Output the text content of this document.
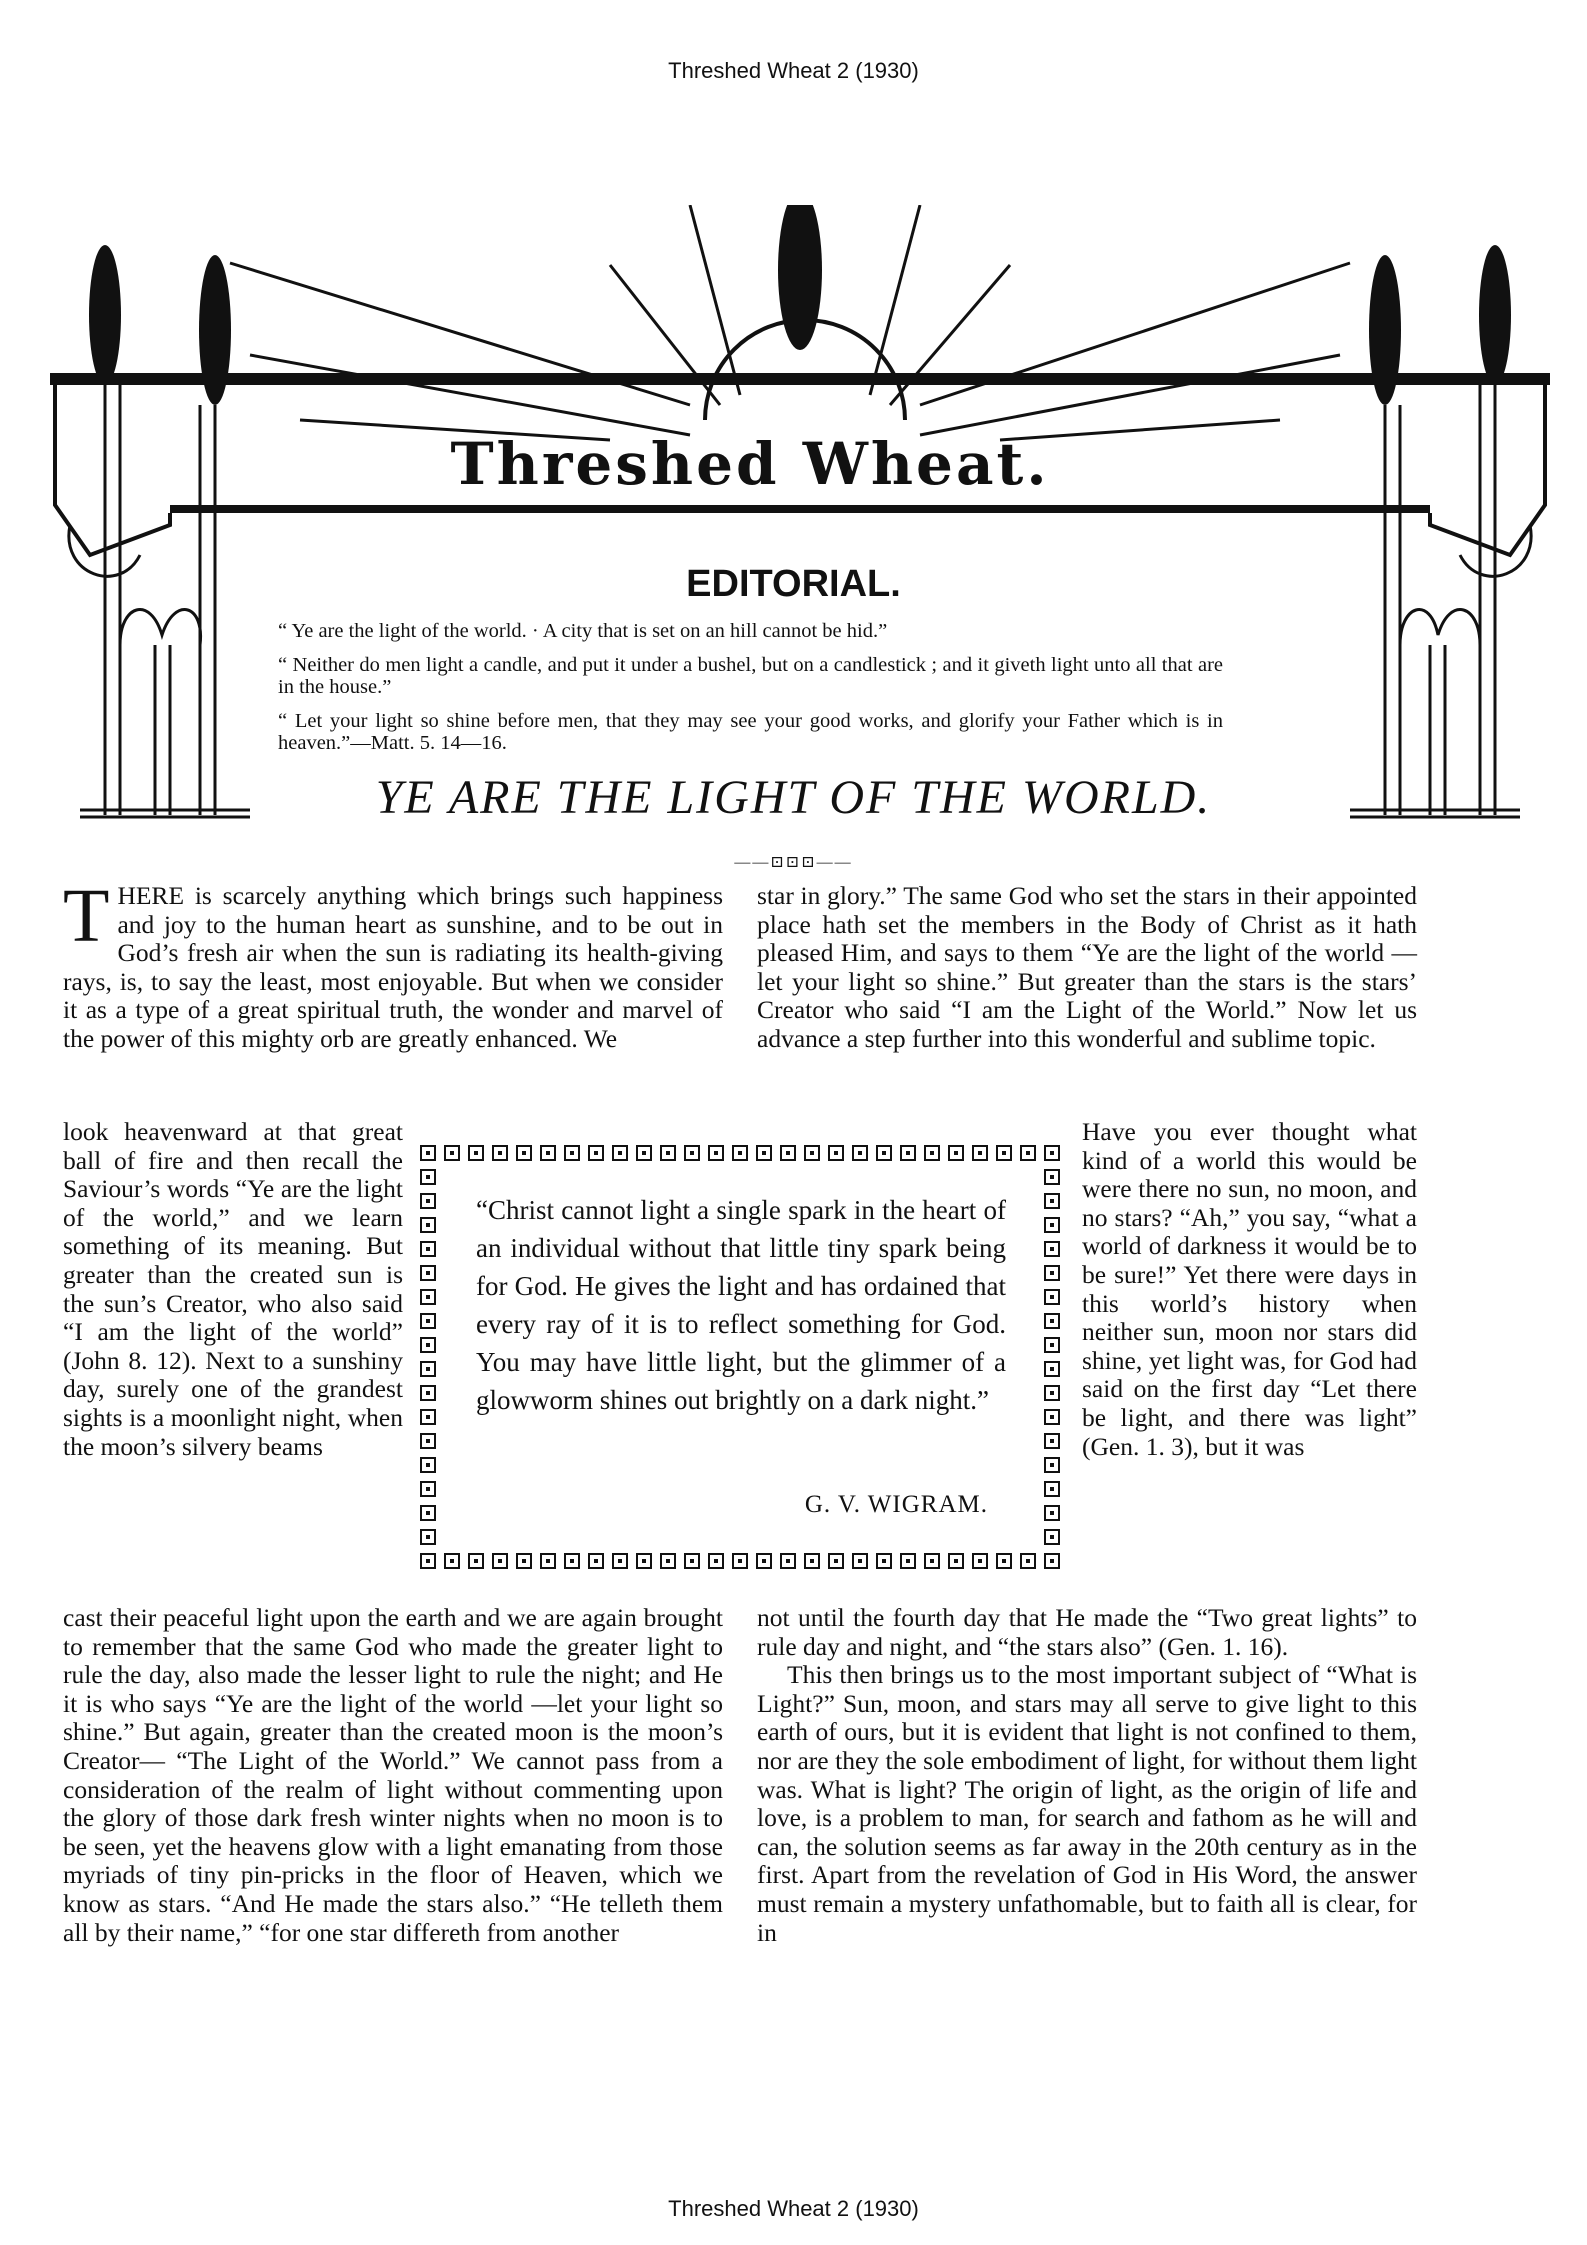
Threshed Wheat 2 (1930)
Threshed Wheat.
EDITORIAL.
“ Ye are the light of the world. · A city that is set on an hill cannot be hid.”
“ Neither do men light a candle, and put it under a bushel, but on a candlestick ; and it giveth light unto all that are in the house.”
“ Let your light so shine before men, that they may see your good works, and glorify your Father which is in heaven.”—Matt. 5. 14—16.
YE ARE THE LIGHT OF THE WORLD.
——⊡⊡⊡——

THERE is scarcely anything which brings such happiness and joy to the human heart as sunshine, and to be out in God’s fresh air when the sun is radiating its health-giving rays, is, to say the least, most enjoyable. But when we consider it as a type of a great spiritual truth, the wonder and marvel of the power of this mighty orb are greatly enhanced. We

star in glory.” The same God who set the stars in their appointed place hath set the members in the Body of Christ as it hath pleased Him, and says to them “Ye are the light of the world —let your light so shine.” But greater than the stars is the stars’ Creator who said “I am the Light of the World.” Now let us advance a step further into this wonderful and sublime topic.

look heavenward at that great ball of fire and then recall the Saviour’s words “Ye are the light of the world,” and we learn something of its meaning. But greater than the created sun is the sun’s Creator, who also said “I am the light of the world” (John 8. 12). Next to a sunshiny day, surely one of the grandest sights is a moonlight night, when the moon’s silvery beams

Have you ever thought what kind of a world this would be were there no sun, no moon, and no stars? “Ah,” you say, “what a world of darkness it would be to be sure!” Yet there were days in this world’s history when neither sun, moon nor stars did shine, yet light was, for God had said on the first day “Let there be light, and there was light” (Gen. 1. 3), but it was

“Christ cannot light a single spark in the heart of an individual without that little tiny spark being for God. He gives the light and has ordained that every ray of it is to reflect something for God. You may have little light, but the glimmer of a glowworm shines out brightly on a dark night.”
G. V. WIGRAM.

cast their peaceful light upon the earth and we are again brought to remember that the same God who made the greater light to rule the day, also made the lesser light to rule the night; and He it is who says “Ye are the light of the world —let your light so shine.” But again, greater than the created moon is the moon’s Creator— “The Light of the World.” We cannot pass from a consideration of the realm of light without commenting upon the glory of those dark fresh winter nights when no moon is to be seen, yet the heavens glow with a light emanating from those myriads of tiny pin-pricks in the floor of Heaven, which we know as stars. “And He made the stars also.” “He telleth them all by their name,” “for one star differeth from another

not until the fourth day that He made the “Two great lights” to rule day and night, and “the stars also” (Gen. 1. 16).

This then brings us to the most important subject of “What is Light?” Sun, moon, and stars may all serve to give light to this earth of ours, but it is evident that light is not confined to them, nor are they the sole embodiment of light, for without them light was. What is light? The origin of light, as the origin of life and love, is a problem to man, for search and fathom as he will and can, the solution seems as far away in the 20th century as in the first. Apart from the revelation of God in His Word, the answer must remain a mystery unfathomable, but to faith all is clear, for in

Threshed Wheat 2 (1930)
